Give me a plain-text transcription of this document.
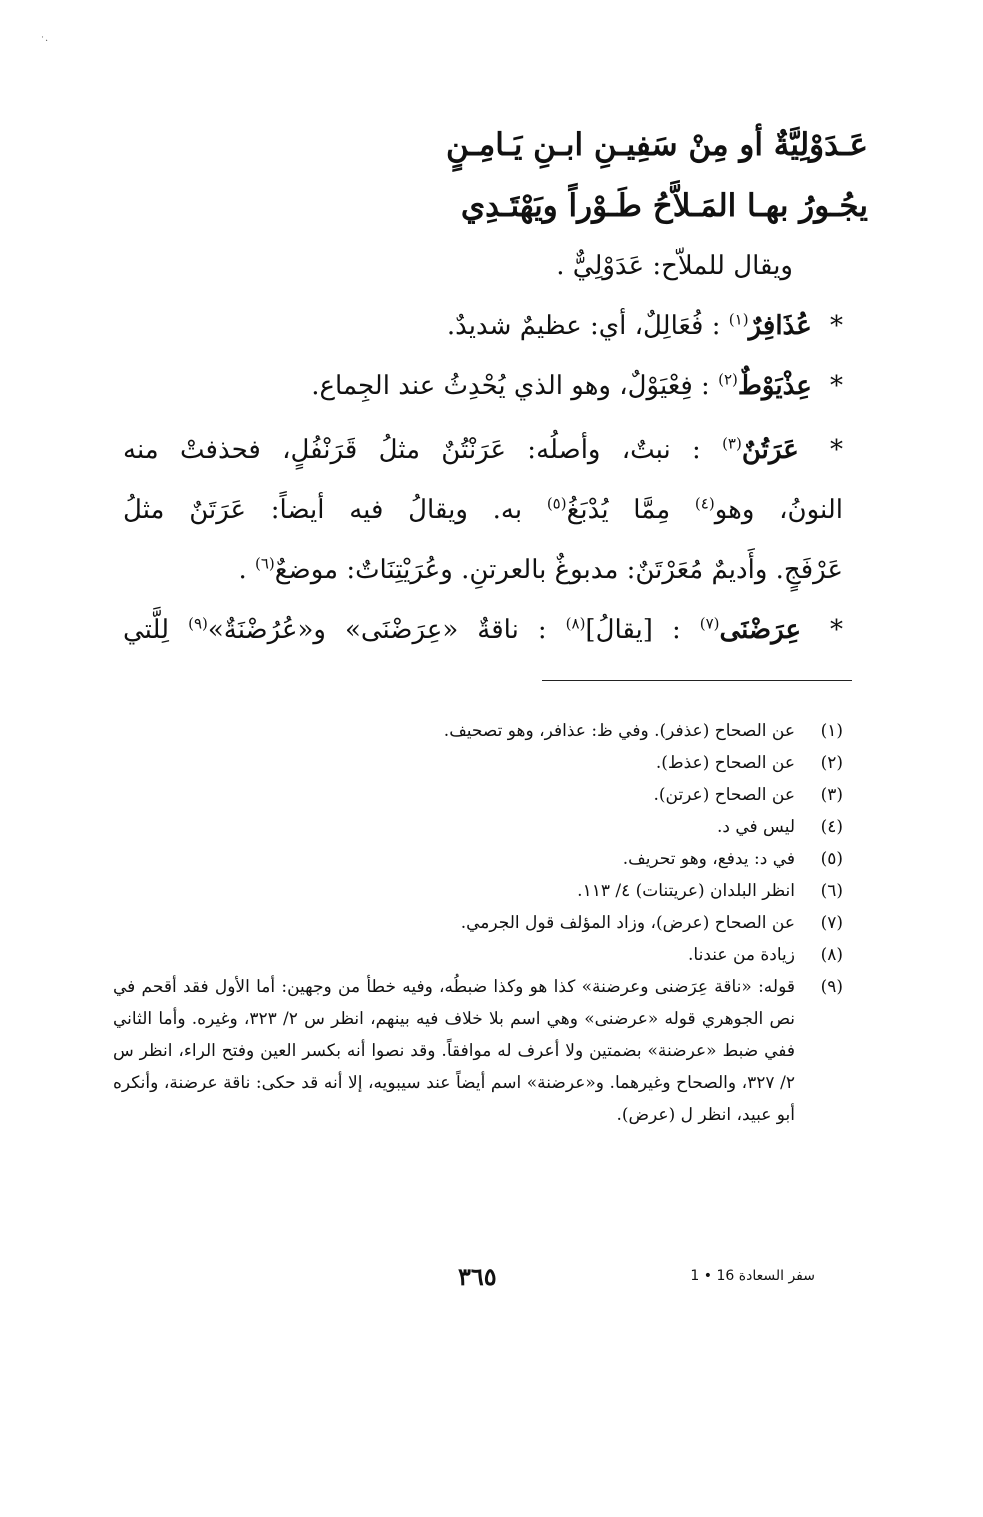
·˙
عَـدَوْلِيَّةٌ أو مِنْ سَفِيـنِ ابـنِ يَـامِـنٍ
يجُـورُ بهـا المَـلاَّحُ طَـوْراً ويَهْتَـدِي
ويقال للملاّح: عَدَوْلِيٌّ .
* عُذَافِرٌ$^{(١)}$ : فُعَالِلٌ، أي: عظيمٌ شديدٌ.
* عِذْيَوْطٌ$^{(٢)}$ : فِعْيَوْلٌ، وهو الذي يُحْدِثُ عند الجِماع.
* عَرَتُنٌ$^{(٣)}$ : نبتٌ، وأصلُه: عَرَنْتُنٌ مثلُ قَرَنْفُلٍ، فحذفتْ منه
النونُ، وهو$^{(٤)}$ مِمَّا يُدْبَغُ$^{(٥)}$ به. ويقالُ فيه أيضاً: عَرَتَنٌ مثلُ
عَرْفَجٍ. وأَديمٌ مُعَرْتَنٌ: مدبوغٌ بالعرتنِ. وعُرَيْتِنَاتٌ: موضعٌ$^{(٦)}$ .
* عِرَضْنَى$^{(٧)}$ : [يقالُ]$^{(٨)}$ : ناقةٌ «عِرَضْنَى» و«عُرُضْنَةٌ»$^{(٩)}$ لِلَّتي
(١)
عن الصحاح (عذفر). وفي ظ: عذافر، وهو تصحيف.
(٢)
عن الصحاح (عذط).
(٣)
عن الصحاح (عرتن).
(٤)
ليس في د.
(٥)
في د: يدفع، وهو تحريف.
(٦)
انظر البلدان (عريتنات) ٤/ ١١٣.
(٧)
عن الصحاح (عرض)، وزاد المؤلف قول الجرمي.
(٨)
زيادة من عندنا.
(٩)
قوله: «ناقة عِرَضنى وعرضنة» كذا هو وكذا ضبطُه، وفيه خطأ من وجهين: أما الأول فقد أقحم في نص الجوهري قوله «عرضنى» وهي اسم بلا خلاف فيه بينهم، انظر س ٢/ ٣٢٣، وغيره. وأما الثاني ففي ضبط «عرضنة» بضمتين ولا أعرف له موافقاً. وقد نصوا أنه بكسر العين وفتح الراء، انظر س ٢/ ٣٢٧، والصحاح وغيرهما. و«عرضنة» اسم أيضاً عند سيبويه، إلا أنه قد حكى: ناقة عرضنة، وأنكره أبو عبيد، انظر ل (عرض).
٣٦٥	سفر السعادة 16 ‏• 1
